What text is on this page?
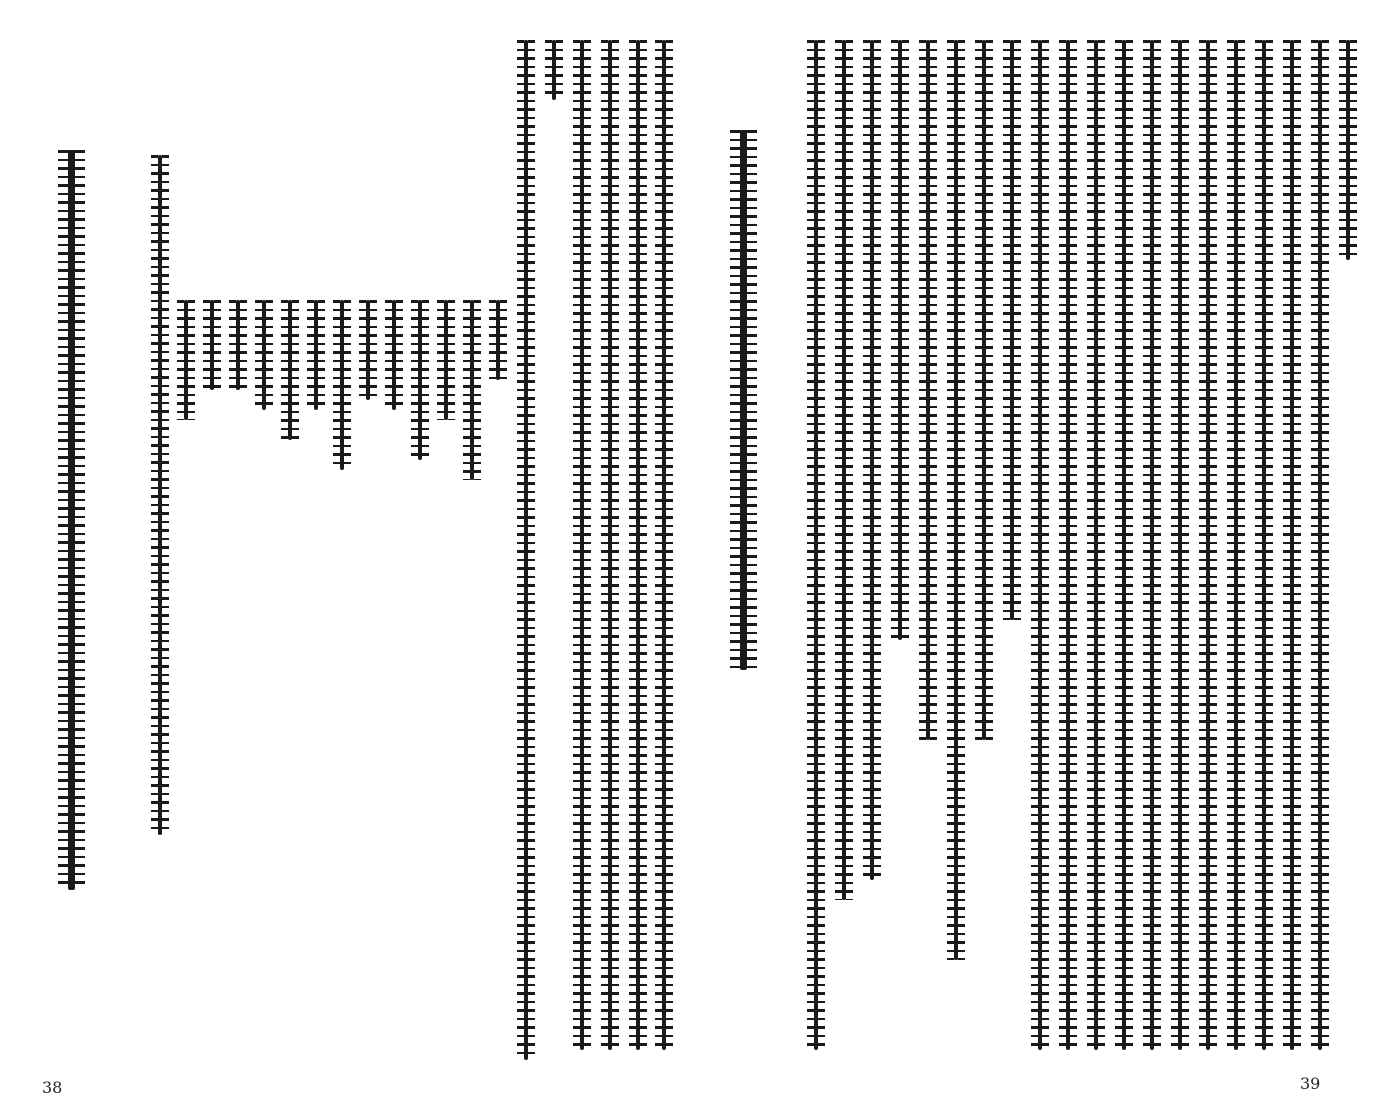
38	39
